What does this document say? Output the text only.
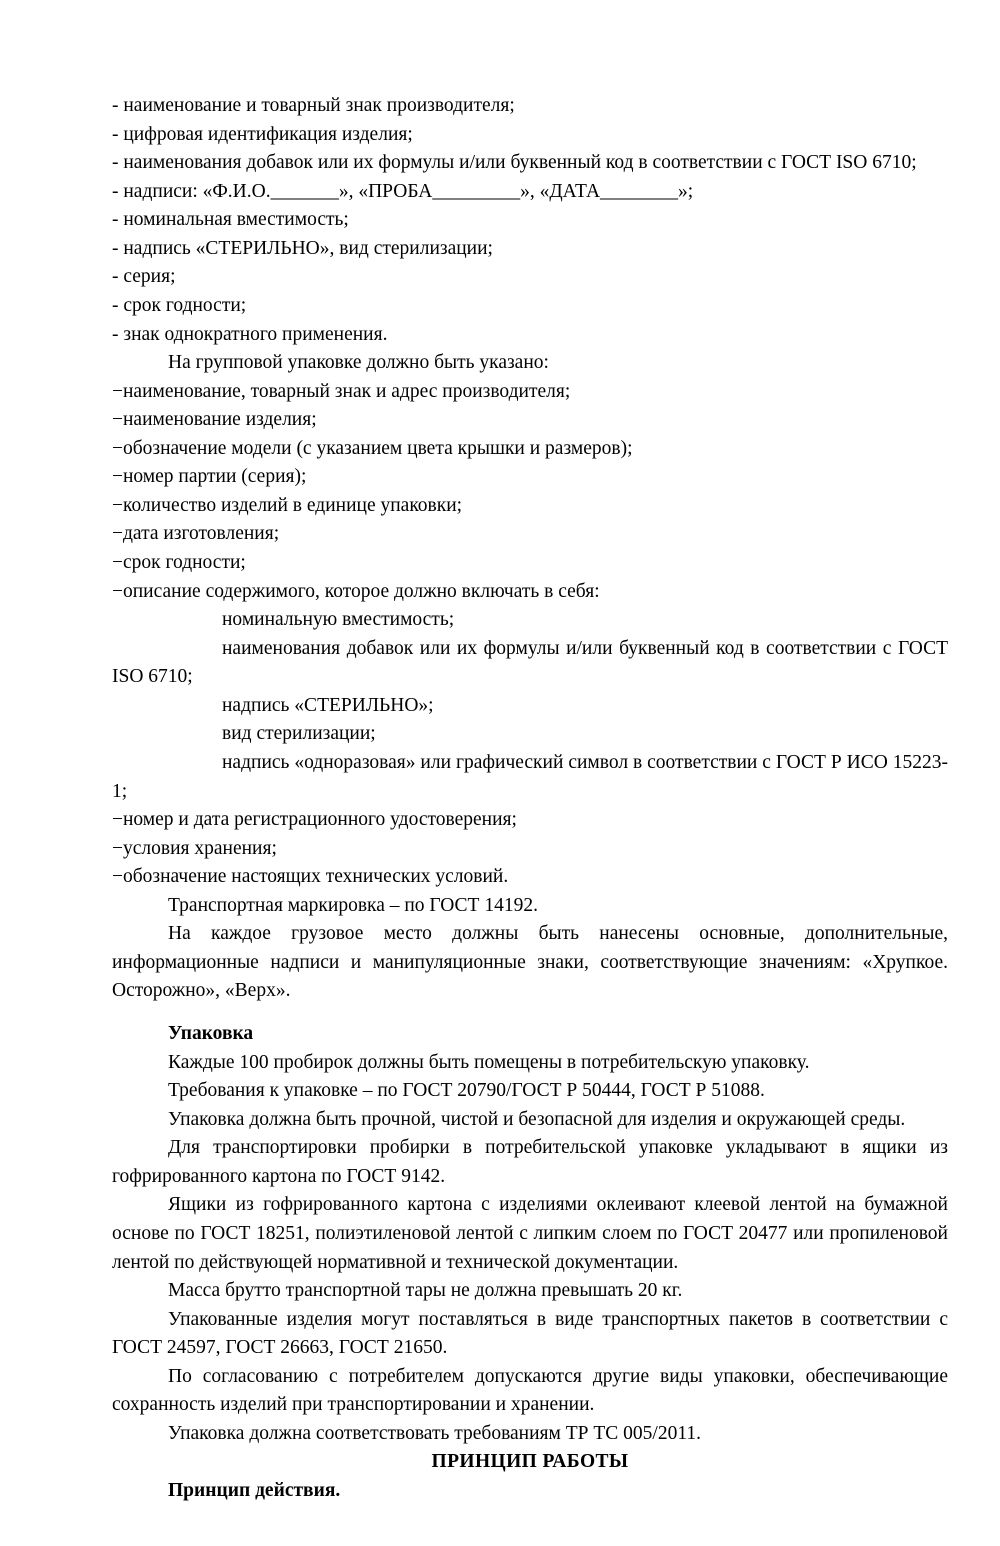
- наименование и товарный знак производителя;

- цифровая идентификация изделия;

- наименования добавок или их формулы и/или буквенный код в соответствии с ГОСТ ISO 6710;

- надписи: «Ф.И.О._______», «ПРОБА_________», «ДАТА________»;

- номинальная вместимость;

- надпись «СТЕРИЛЬНО», вид стерилизации;

- серия;

- срок годности;

- знак однократного применения.

На групповой упаковке должно быть указано:

−наименование, товарный знак и адрес производителя;

−наименование изделия;

−обозначение модели (с указанием цвета крышки и размеров);

−номер партии (серия);

−количество изделий в единице упаковки;

−дата изготовления;

−срок годности;

−описание содержимого, которое должно включать в себя:

номинальную вместимость;

наименования добавок или их формулы и/или буквенный код в соответствии с ГОСТ ISO 6710;

надпись «СТЕРИЛЬНО»;

вид стерилизации;

надпись «одноразовая» или графический символ в соответствии с ГОСТ Р ИСО 15223-1;

−номер и дата регистрационного удостоверения;

−условия хранения;

−обозначение настоящих технических условий.

Транспортная маркировка – по ГОСТ 14192.

На каждое грузовое место должны быть нанесены основные, дополнительные, информационные надписи и манипуляционные знаки, соответствующие значениям: «Хрупкое. Осторожно», «Верх».

Упаковка

Каждые 100 пробирок должны быть помещены в потребительскую упаковку.

Требования к упаковке – по ГОСТ 20790/ГОСТ Р 50444, ГОСТ Р 51088.

Упаковка должна быть прочной, чистой и безопасной для изделия и окружающей среды.

Для транспортировки пробирки в потребительской упаковке укладывают в ящики из гофрированного картона по ГОСТ 9142.

Ящики из гофрированного картона с изделиями оклеивают клеевой лентой на бумажной основе по ГОСТ 18251, полиэтиленовой лентой с липким слоем по ГОСТ 20477 или пропиленовой лентой по действующей нормативной и технической документации.

Масса брутто транспортной тары не должна превышать 20 кг.

Упакованные изделия могут поставляться в виде транспортных пакетов в соответствии с ГОСТ 24597, ГОСТ 26663, ГОСТ 21650.

По согласованию с потребителем допускаются другие виды упаковки, обеспечивающие сохранность изделий при транспортировании и хранении.

Упаковка должна соответствовать требованиям ТР ТС 005/2011.

ПРИНЦИП РАБОТЫ

Принцип действия.
